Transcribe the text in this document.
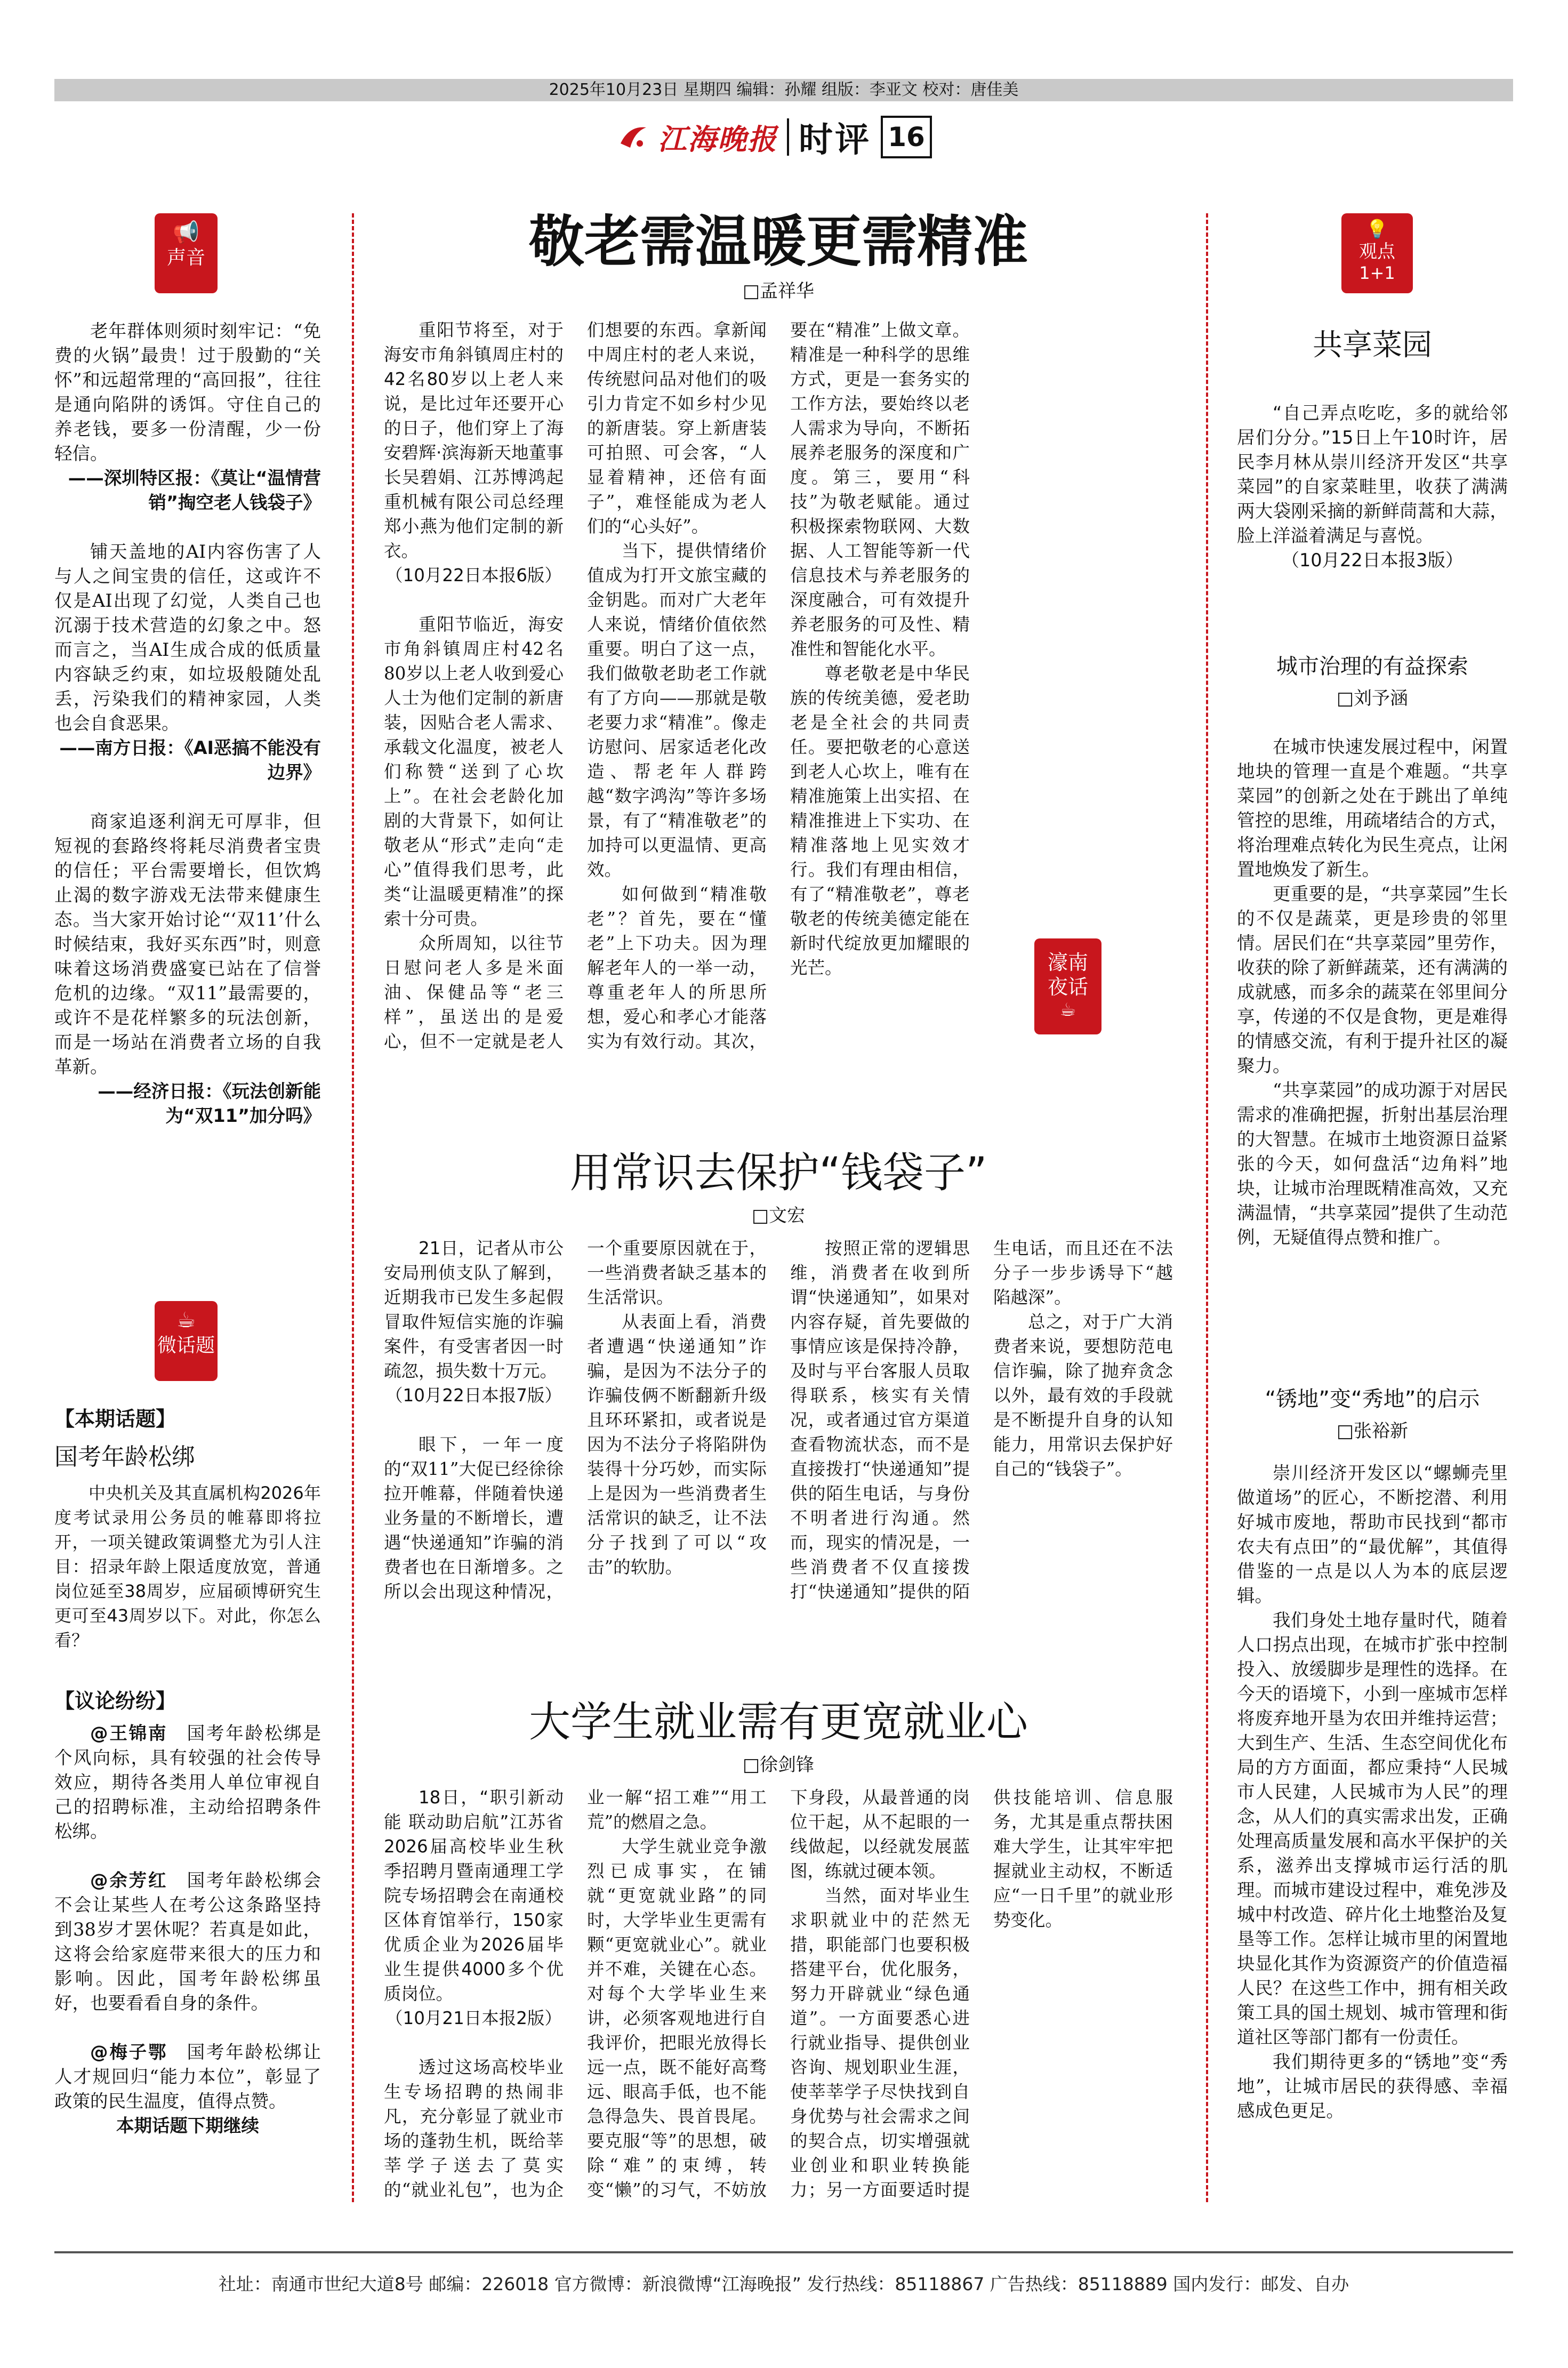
2025年10月23日 星期四 编辑：孙耀 组版：李亚文 校对：唐佳美
江海晚报 时评 16
📢
声音

老年群体则须时刻牢记：“免费的火锅”最贵！过于殷勤的“关怀”和远超常理的“高回报”，往往是通向陷阱的诱饵。守住自己的养老钱，要多一份清醒，少一份轻信。

——深圳特区报：《莫让“温情营销”掏空老人钱袋子》

铺天盖地的AI内容伤害了人与人之间宝贵的信任，这或许不仅是AI出现了幻觉，人类自己也沉溺于技术营造的幻象之中。怒而言之，当AI生成合成的低质量内容缺乏约束，如垃圾般随处乱丢，污染我们的精神家园，人类也会自食恶果。

——南方日报：《AI恶搞不能没有边界》

商家追逐利润无可厚非，但短视的套路终将耗尽消费者宝贵的信任；平台需要增长，但饮鸩止渴的数字游戏无法带来健康生态。当大家开始讨论“‘双11’什么时候结束，我好买东西”时，则意味着这场消费盛宴已站在了信誉危机的边缘。“双11”最需要的，或许不是花样繁多的玩法创新，而是一场站在消费者立场的自我革新。

——经济日报：《玩法创新能为“双11”加分吗》

☕
微话题
【本期话题】
国考年龄松绑

中央机关及其直属机构2026年度考试录用公务员的帷幕即将拉开，一项关键政策调整尤为引人注目：招录年龄上限适度放宽，普通岗位延至38周岁，应届硕博研究生更可至43周岁以下。对此，你怎么看？

【议论纷纷】

@王锦南　 国考年龄松绑是个风向标，具有较强的社会传导效应，期待各类用人单位审视自己的招聘标准，主动给招聘条件松绑。

@余芳红　 国考年龄松绑会不会让某些人在考公这条路坚持到38岁才罢休呢？若真是如此，这将会给家庭带来很大的压力和影响。因此，国考年龄松绑虽好，也要看看自身的条件。

@梅子鄂　 国考年龄松绑让人才规回归“能力本位”，彰显了政策的民生温度，值得点赞。

本期话题下期继续

敬老需温暖更需精准
□孟祥华

重阳节将至，对于海安市角斜镇周庄村的42名80岁以上老人来说，是比过年还要开心的日子，他们穿上了海安碧辉·滨海新天地董事长吴碧娟、江苏博鸿起重机械有限公司总经理郑小燕为他们定制的新衣。

（10月22日本报6版）

重阳节临近，海安市角斜镇周庄村42名80岁以上老人收到爱心人士为他们定制的新唐装，因贴合老人需求、承载文化温度，被老人们称赞“送到了心坎上”。在社会老龄化加剧的大背景下，如何让敬老从“形式”走向“走心”值得我们思考，此类“让温暖更精准”的探索十分可贵。

众所周知，以往节日慰问老人多是米面油、保健品等“老三样”，虽送出的是爱心，但不一定就是老人们想要的东西。拿新闻中周庄村的老人来说，传统慰问品对他们的吸引力肯定不如乡村少见的新唐装。穿上新唐装可拍照、可会客，“人显着精神，还倍有面子”，难怪能成为老人们的“心头好”。

当下，提供情绪价值成为打开文旅宝藏的金钥匙。而对广大老年人来说，情绪价值依然重要。明白了这一点，我们做敬老助老工作就有了方向——那就是敬老要力求“精准”。像走访慰问、居家适老化改造、帮老年人群跨越“数字鸿沟”等许多场景，有了“精准敬老”的加持可以更温情、更高效。

如何做到“精准敬老”？首先，要在“懂老”上下功夫。因为理解老年人的一举一动，尊重老年人的所思所想，爱心和孝心才能落实为有效行动。其次，要在“精准”上做文章。精准是一种科学的思维方式，更是一套务实的工作方法，要始终以老人需求为导向，不断拓展养老服务的深度和广度。第三，要用“科技”为敬老赋能。通过积极探索物联网、大数据、人工智能等新一代信息技术与养老服务的深度融合，可有效提升养老服务的可及性、精准性和智能化水平。

尊老敬老是中华民族的传统美德，爱老助老是全社会的共同责任。要把敬老的心意送到老人心坎上，唯有在精准施策上出实招、在精准推进上下实功、在精准落地上见实效才行。我们有理由相信，有了“精准敬老”，尊老敬老的传统美德定能在新时代绽放更加耀眼的光芒。	濠南夜话
☕
用常识去保护“钱袋子”
□文宏

21日，记者从市公安局刑侦支队了解到，近期我市已发生多起假冒取件短信实施的诈骗案件，有受害者因一时疏忽，损失数十万元。

（10月22日本报7版）

眼下，一年一度的“双11”大促已经徐徐拉开帷幕，伴随着快递业务量的不断增长，遭遇“快递通知”诈骗的消费者也在日渐增多。之所以会出现这种情况，一个重要原因就在于，一些消费者缺乏基本的生活常识。

从表面上看，消费者遭遇“快递通知”诈骗，是因为不法分子的诈骗伎俩不断翻新升级且环环紧扣，或者说是因为不法分子将陷阱伪装得十分巧妙，而实际上是因为一些消费者生活常识的缺乏，让不法分子找到了可以“攻击”的软肋。

按照正常的逻辑思维，消费者在收到所谓“快递通知”，如果对内容存疑，首先要做的事情应该是保持冷静，及时与平台客服人员取得联系，核实有关情况，或者通过官方渠道查看物流状态，而不是直接拨打“快递通知”提供的陌生电话，与身份不明者进行沟通。然而，现实的情况是，一些消费者不仅直接拨打“快递通知”提供的陌生电话，而且还在不法分子一步步诱导下“越陷越深”。

总之，对于广大消费者来说，要想防范电信诈骗，除了抛弃贪念以外，最有效的手段就是不断提升自身的认知能力，用常识去保护好自己的“钱袋子”。

大学生就业需有更宽就业心
□徐剑锋

18日，“职引新动能 联动助启航”江苏省2026届高校毕业生秋季招聘月暨南通理工学院专场招聘会在南通校区体育馆举行，150家优质企业为2026届毕业生提供4000多个优质岗位。

（10月21日本报2版）

透过这场高校毕业生专场招聘的热闹非凡，充分彰显了就业市场的蓬勃生机，既给莘莘学子送去了莫实的“就业礼包”，也为企业一解“招工难”“用工荒”的燃眉之急。

大学生就业竞争激烈已成事实，在铺就“更宽就业路”的同时，大学毕业生更需有颗“更宽就业心”。就业并不难，关键在心态。对每个大学毕业生来讲，必须客观地进行自我评价，把眼光放得长远一点，既不能好高骛远、眼高手低，也不能急得急失、畏首畏尾。要克服“等”的思想，破除“难”的束缚，转变“懒”的习气，不妨放下身段，从最普通的岗位干起，从不起眼的一线做起，以经就发展蓝图，练就过硬本领。

当然，面对毕业生求职就业中的茫然无措，职能部门也要积极搭建平台，优化服务，努力开辟就业“绿色通道”。一方面要悉心进行就业指导、提供创业咨询、规划职业生涯，使莘莘学子尽快找到自身优势与社会需求之间的契合点，切实增强就业创业和职业转换能力；另一方面要适时提供技能培训、信息服务，尤其是重点帮扶困难大学生，让其牢牢把握就业主动权，不断适应“一日千里”的就业形势变化。

💡
观点
1+1
共享菜园

“自己弄点吃吃，多的就给邻居们分分。”15日上午10时许，居民李月林从崇川经济开发区“共享菜园”的自家菜畦里，收获了满满两大袋刚采摘的新鲜茼蒿和大蒜，脸上洋溢着满足与喜悦。

（10月22日本报3版）

城市治理的有益探索
□刘予涵

在城市快速发展过程中，闲置地块的管理一直是个难题。“共享菜园”的创新之处在于跳出了单纯管控的思维，用疏堵结合的方式，将治理难点转化为民生亮点，让闲置地焕发了新生。

更重要的是，“共享菜园”生长的不仅是蔬菜，更是珍贵的邻里情。居民们在“共享菜园”里劳作，收获的除了新鲜蔬菜，还有满满的成就感，而多余的蔬菜在邻里间分享，传递的不仅是食物，更是难得的情感交流，有利于提升社区的凝聚力。

“共享菜园”的成功源于对居民需求的准确把握，折射出基层治理的大智慧。在城市土地资源日益紧张的今天，如何盘活“边角料”地块，让城市治理既精准高效，又充满温情，“共享菜园”提供了生动范例，无疑值得点赞和推广。

“锈地”变“秀地”的启示
□张裕新

崇川经济开发区以“螺蛳壳里做道场”的匠心，不断挖潜、利用好城市废地，帮助市民找到“都市农夫有点田”的“最优解”，其值得借鉴的一点是以人为本的底层逻辑。

我们身处土地存量时代，随着人口拐点出现，在城市扩张中控制投入、放缓脚步是理性的选择。在今天的语境下，小到一座城市怎样将废弃地开垦为农田并维持运营；大到生产、生活、生态空间优化布局的方方面面，都应秉持“人民城市人民建，人民城市为人民”的理念，从人们的真实需求出发，正确处理高质量发展和高水平保护的关系，滋养出支撑城市运行活的肌理。而城市建设过程中，难免涉及城中村改造、碎片化土地整治及复垦等工作。怎样让城市里的闲置地块显化其作为资源资产的价值造福人民？在这些工作中，拥有相关政策工具的国土规划、城市管理和街道社区等部门都有一份责任。

我们期待更多的“锈地”变“秀地”，让城市居民的获得感、幸福感成色更足。

社址：南通市世纪大道8号 邮编：226018 官方微博：新浪微博“江海晚报” 发行热线：85118867 广告热线：85118889 国内发行：邮发、自办
